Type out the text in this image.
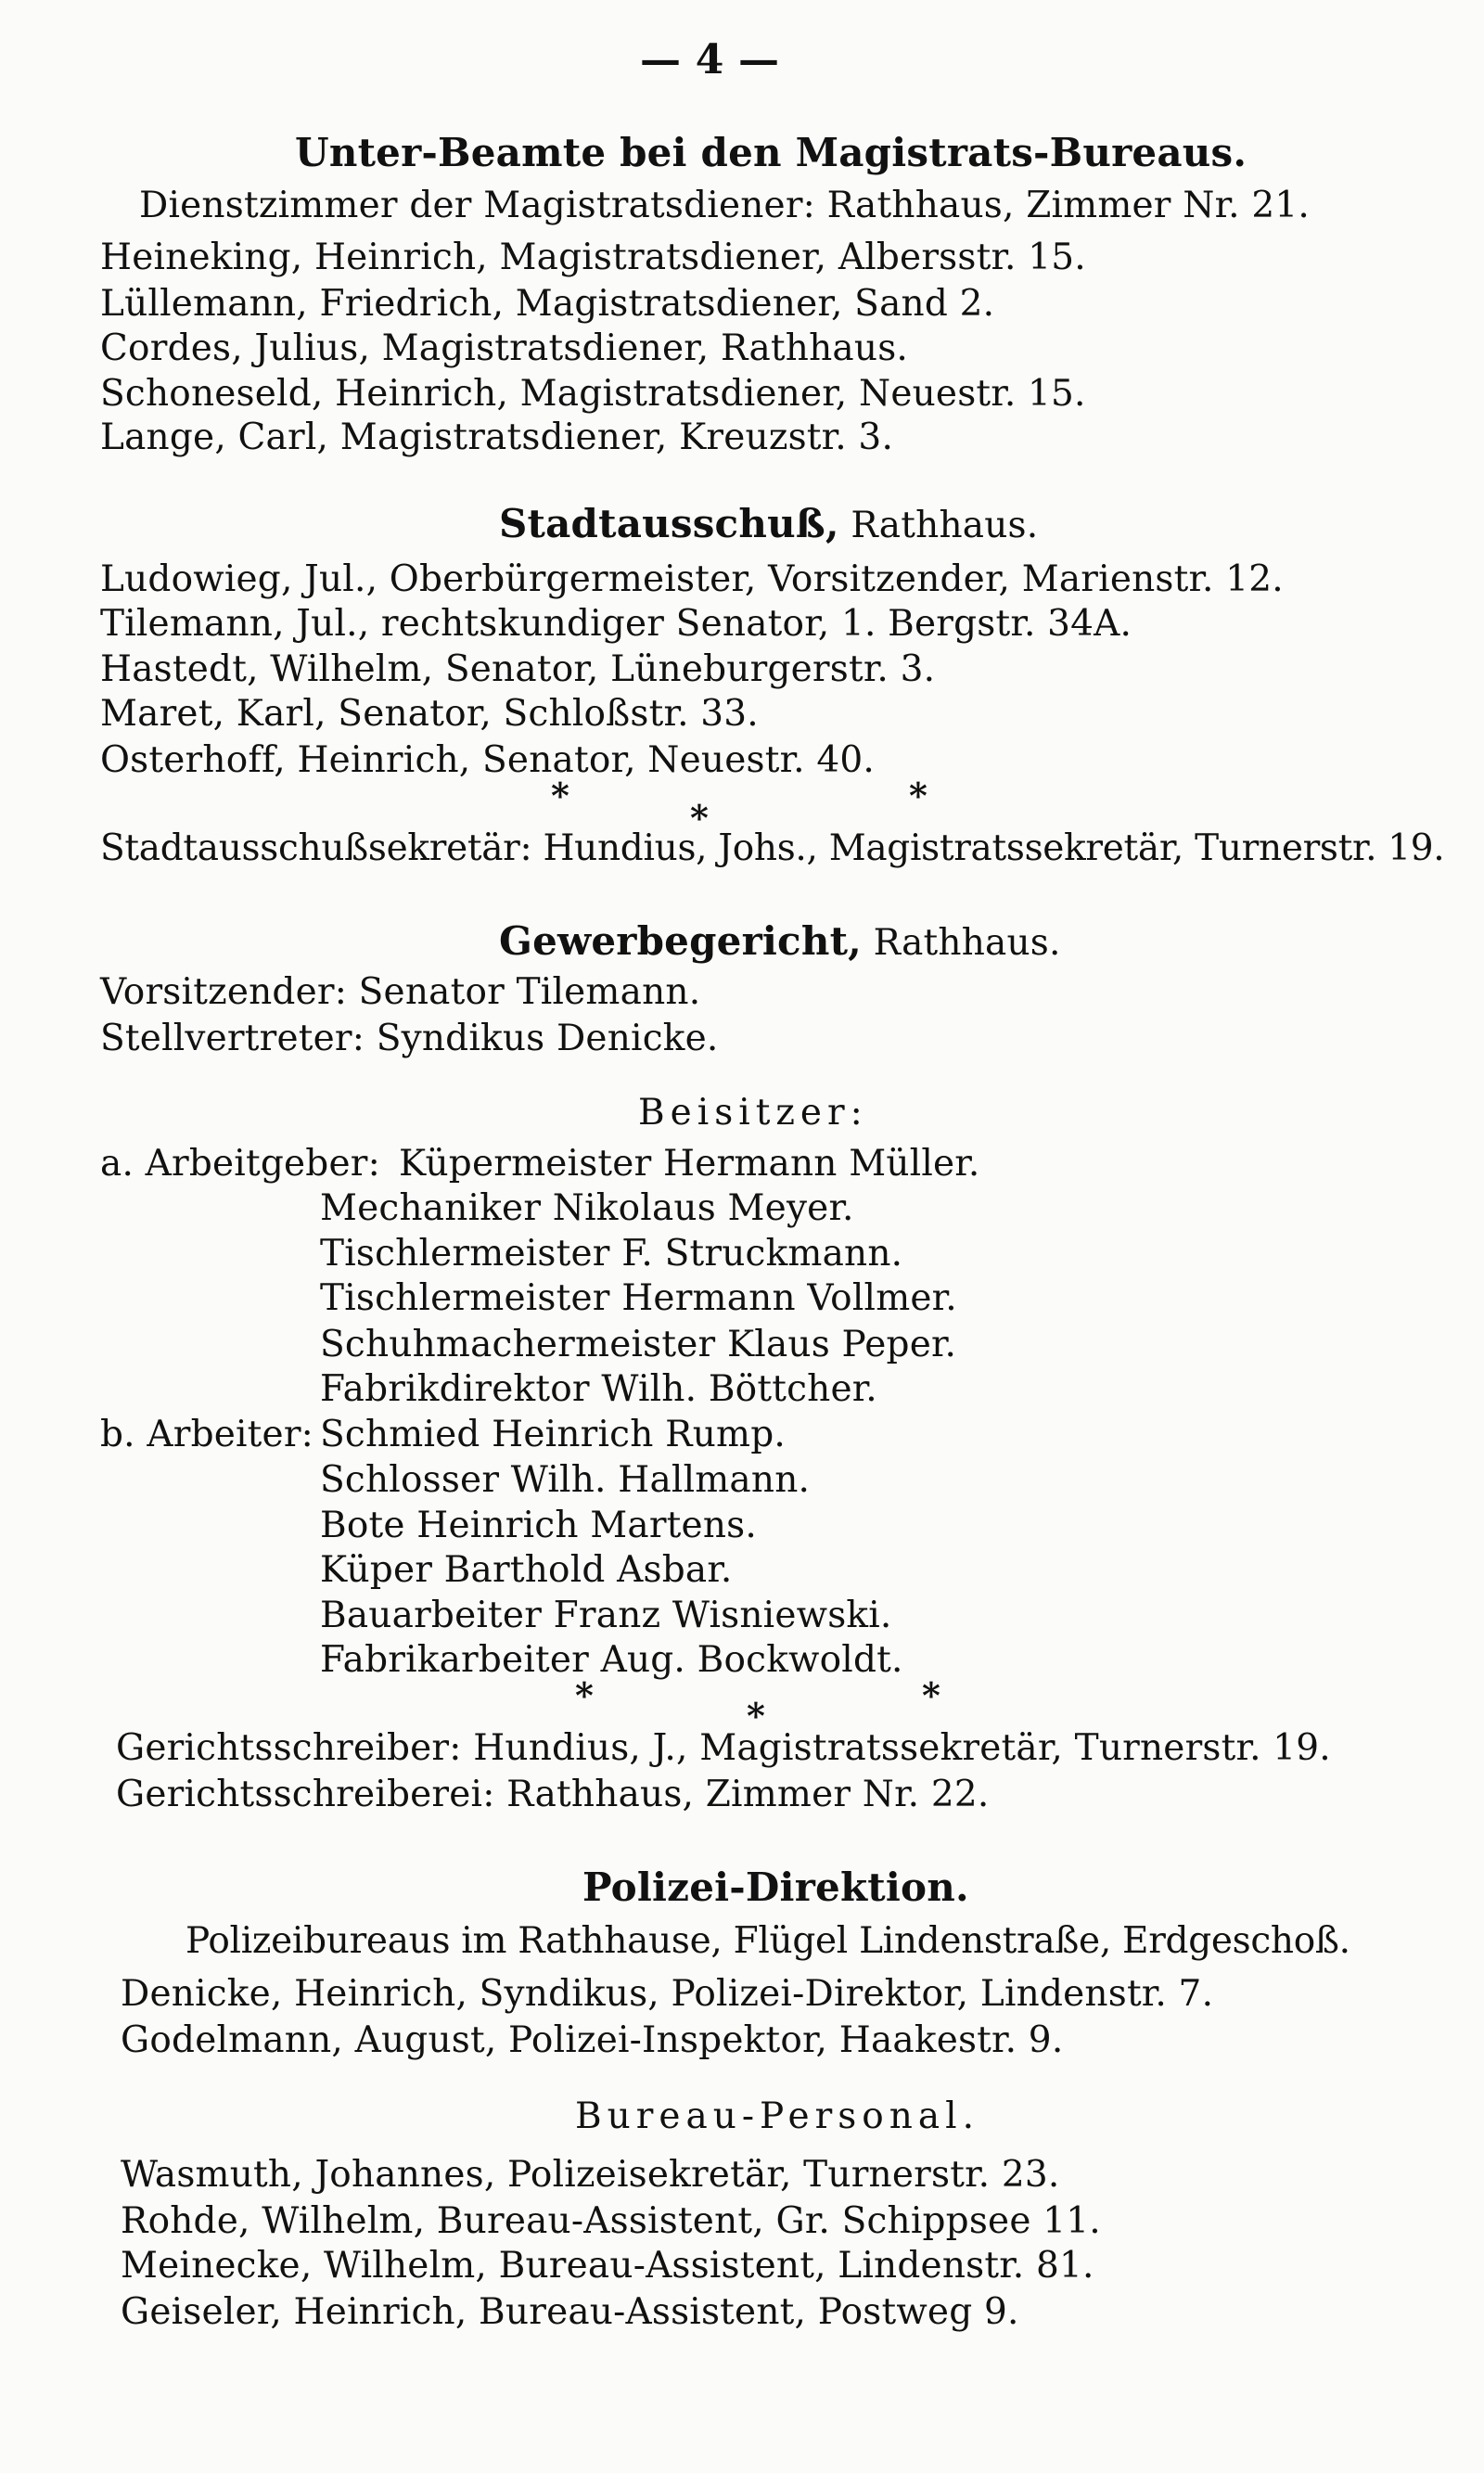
— 4 —
Unter-Beamte bei den Magistrats-Bureaus.
Dienstzimmer der Magistratsdiener: Rathhaus, Zimmer Nr. 21.
Heineking, Heinrich, Magistratsdiener, Albersstr. 15.
Lüllemann, Friedrich, Magistratsdiener, Sand 2.
Cordes, Julius, Magistratsdiener, Rathhaus.
Schoneseld, Heinrich, Magistratsdiener, Neuestr. 15.
Lange, Carl, Magistratsdiener, Kreuzstr. 3.
Stadtausschuß, Rathhaus.
Ludowieg, Jul., Oberbürgermeister, Vorsitzender, Marienstr. 12.
Tilemann, Jul., rechtskundiger Senator, 1. Bergstr. 34A.
Hastedt, Wilhelm, Senator, Lüneburgerstr. 3.
Maret, Karl, Senator, Schloßstr. 33.
Osterhoff, Heinrich, Senator, Neuestr. 40.
*
*
*
Stadtausschußsekretär: Hundius, Johs., Magistratssekretär, Turnerstr. 19.
Gewerbegericht, Rathhaus.
Vorsitzender: Senator Tilemann.
Stellvertreter: Syndikus Denicke.
Beisitzer:
a. Arbeitgeber: Küpermeister Hermann Müller.
Mechaniker Nikolaus Meyer.
Tischlermeister F. Struckmann.
Tischlermeister Hermann Vollmer.
Schuhmachermeister Klaus Peper.
Fabrikdirektor Wilh. Böttcher.
b. Arbeiter: Schmied Heinrich Rump.
Schlosser Wilh. Hallmann.
Bote Heinrich Martens.
Küper Barthold Asbar.
Bauarbeiter Franz Wisniewski.
Fabrikarbeiter Aug. Bockwoldt.
*	*	*
Gerichtsschreiber: Hundius, J., Magistratssekretär, Turnerstr. 19.
Gerichtsschreiberei: Rathhaus, Zimmer Nr. 22.
Polizei-Direktion.
Polizeibureaus im Rathhause, Flügel Lindenstraße, Erdgeschoß.
Denicke, Heinrich, Syndikus, Polizei-Direktor, Lindenstr. 7.
Godelmann, August, Polizei-Inspektor, Haakestr. 9.
Bureau-Personal.
Wasmuth, Johannes, Polizeisekretär, Turnerstr. 23.
Rohde, Wilhelm, Bureau-Assistent, Gr. Schippsee 11.
Meinecke, Wilhelm, Bureau-Assistent, Lindenstr. 81.
Geiseler, Heinrich, Bureau-Assistent, Postweg 9.
